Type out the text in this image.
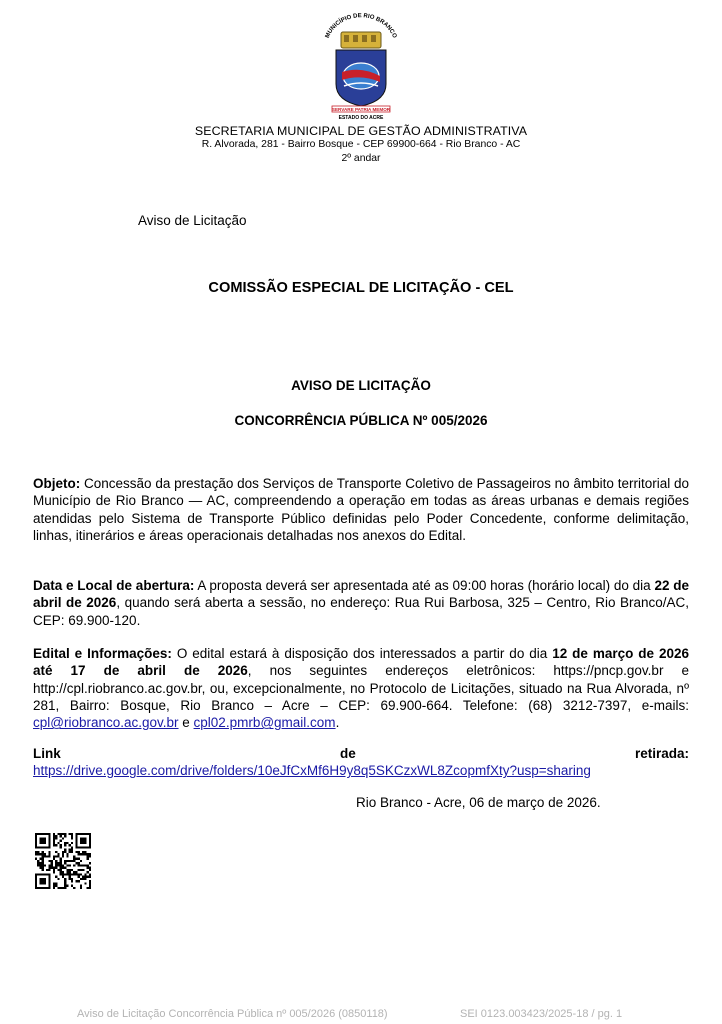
MUNICÍPIO DE RIO BRANCO
SERVARE PATRIA MEMOR
ESTADO DO ACRE
SECRETARIA MUNICIPAL DE GESTÃO ADMINISTRATIVA
R. Alvorada, 281 - Bairro Bosque - CEP 69900-664 - Rio Branco - AC
2º andar
Aviso de Licitação
COMISSÃO ESPECIAL DE LICITAÇÃO - CEL
AVISO DE LICITAÇÃO
CONCORRÊNCIA PÚBLICA Nº 005/2026
Objeto: Concessão da prestação dos Serviços de Transporte Coletivo de Passageiros no âmbito territorial do Município de Rio Branco — AC, compreendendo a operação em todas as áreas urbanas e demais regiões atendidas pelo Sistema de Transporte Público definidas pelo Poder Concedente, conforme delimitação, linhas, itinerários e áreas operacionais detalhadas nos anexos do Edital.
Data e Local de abertura: A proposta deverá ser apresentada até as 09:00 horas (horário local) do dia 22 de abril de 2026, quando será aberta a sessão, no endereço: Rua Rui Barbosa, 325 – Centro, Rio Branco/AC, CEP: 69.900-120.
Edital e Informações: O edital estará à disposição dos interessados a partir do dia 12 de março de 2026 até 17 de abril de 2026, nos seguintes endereços eletrônicos: https://pncp.gov.br e http://cpl.riobranco.ac.gov.br, ou, excepcionalmente, no Protocolo de Licitações, situado na Rua Alvorada, nº 281, Bairro: Bosque, Rio Branco – Acre – CEP: 69.900-664. Telefone: (68) 3212-7397, e-mails: cpl@riobranco.ac.gov.br e cpl02.pmrb@gmail.com.
Link	de	retirada:
https://drive.google.com/drive/folders/10eJfCxMf6H9y8q5SKCzxWL8ZcopmfXty?usp=sharing
Rio Branco - Acre, 06 de março de 2026.
Aviso de Licitação Concorrência Pública nº 005/2026 (0850118)	SEI 0123.003423/2025-18 / pg. 1
